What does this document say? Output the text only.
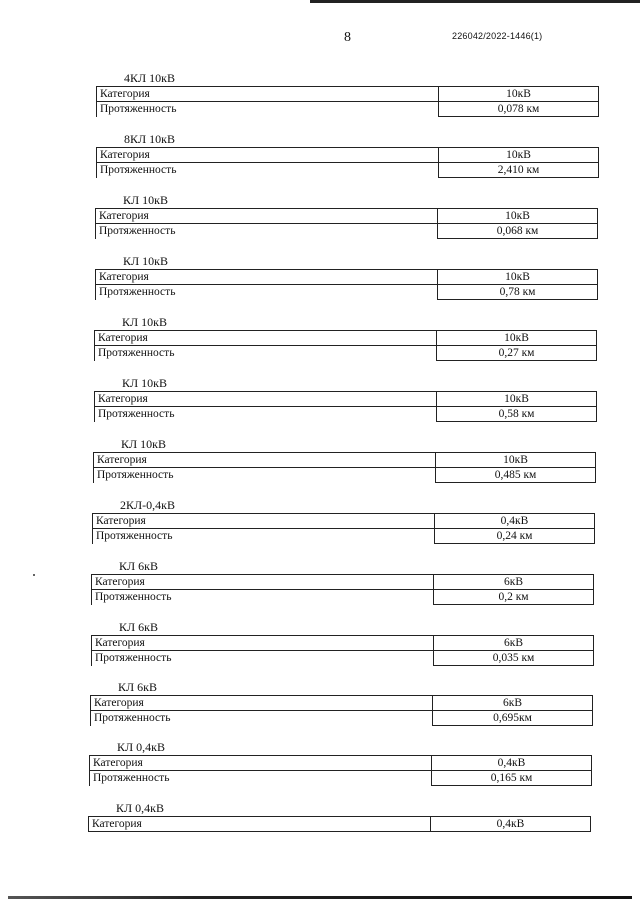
8	226042/2022-1446(1)
4КЛ 10кВ
Категория	10кВ
Протяженность	0,078 км
8КЛ 10кВ
Категория	10кВ
Протяженность	2,410 км
КЛ 10кВ
Категория	10кВ
Протяженность	0,068 км
КЛ 10кВ
Категория	10кВ
Протяженность	0,78 км
КЛ 10кВ
Категория	10кВ
Протяженность	0,27 км
КЛ 10кВ
Категория	10кВ
Протяженность	0,58 км
КЛ 10кВ
Категория	10кВ
Протяженность	0,485 км
2КЛ-0,4кВ
Категория	0,4кВ
Протяженность	0,24 км
КЛ 6кВ
Категория	6кВ
Протяженность	0,2 км
КЛ 6кВ
Категория	6кВ
Протяженность	0,035 км
КЛ 6кВ
Категория	6кВ
Протяженность	0,695км
КЛ 0,4кВ
Категория	0,4кВ
Протяженность	0,165 км
КЛ 0,4кВ
Категория	0,4кВ
